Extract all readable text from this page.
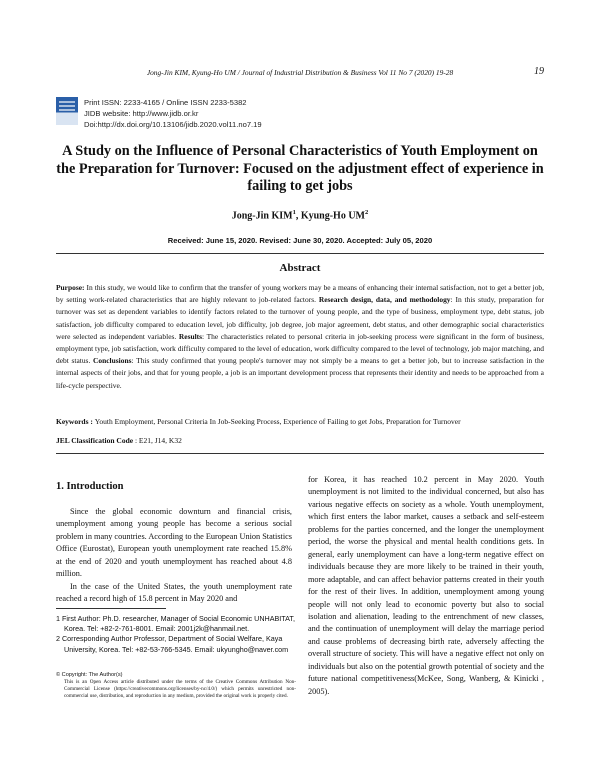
Jong-Jin KIM, Kyung-Ho UM / Journal of Industrial Distribution & Business Vol 11 No 7 (2020) 19-28	19
Print ISSN: 2233-4165 / Online ISSN 2233-5382
JIDB website: http://www.jidb.or.kr
Doi:http://dx.doi.org/10.13106/jidb.2020.vol11.no7.19
A Study on the Influence of Personal Characteristics of Youth Employment on the Preparation for Turnover: Focused on the adjustment effect of experience in failing to get jobs
Jong-Jin KIM$^1$, Kyung-Ho $UM^2$
Received: June 15, 2020. Revised: June 30, 2020. Accepted: July 05, 2020
Abstract
Purpose: In this study, we would like to confirm that the transfer of young workers may be a means of enhancing their internal satisfaction, not to get a better job, by setting work-related characteristics that are highly relevant to job-related factors. Research design, data, and methodology: In this study, preparation for turnover was set as dependent variables to identify factors related to the turnover of young people, and the type of business, employment type, debt status, job satisfaction, job difficulty compared to education level, job difficulty, job degree, job major agreement, debt status, and other demographic social characteristics were selected as independent variables. Results: The characteristics related to personal criteria in job-seeking process were significant in the form of business, employment type, job satisfaction, work difficulty compared to the level of education, work difficulty compared to the level of technology, job major matching, and debt status. Conclusions: This study confirmed that young people's turnover may not simply be a means to get a better job, but to increase satisfaction in the internal aspects of their jobs, and that for young people, a job is an important development process that represents their identity and needs to be approached from a life-cycle perspective.
Keywords : Youth Employment, Personal Criteria In Job-Seeking Process, Experience of Failing to get Jobs, Preparation for Turnover
JEL Classification Code : E21, J14, K32
1. Introduction

Since the global economic downturn and financial crisis, unemployment among young people has become a serious social problem in many countries. According to the European Union Statistics Office (Eurostat), European youth unemployment rate reached 15.8% at the end of 2020 and youth unemployment has reached about 4.8 million.

In the case of the United States, the youth unemployment rate reached a record high of 15.8 percent in May 2020 and

for Korea, it has reached 10.2 percent in May 2020. Youth unemployment is not limited to the individual concerned, but also has various negative effects on society as a whole. Youth unemployment, which first enters the labor market, causes a setback and self-esteem problems for the parties concerned, and the longer the unemployment period, the worse the physical and mental health conditions gets. In general, early unemployment can have a long-term negative effect on individuals because they are more likely to be trained in their youth, more adaptable, and can affect behavior patterns created in their youth for the rest of their lives. In addition, unemployment among young people will not only lead to economic poverty but also to social isolation and alienation, leading to the entrenchment of new classes, and the continuation of unemployment will delay the marriage period and cause problems of decreasing birth rate, adversely affecting the overall structure of society. This will have a negative effect not only on individuals but also on the potential growth potential of society and the future national competitiveness(McKee, Song, Wanberg, & Kinicki , 2005).

1 First Author: Ph.D. researcher, Manager of Social Economic UNHABITAT, Korea. Tel: +82-2-761-8001. Email: 2001j2k@hanmail.net.
2 Corresponding Author Professor, Department of Social Welfare, Kaya University, Korea. Tel: +82-53-766-5345. Email: ukyungho@naver.com
© Copyright: The Author(s)
This is an Open Access article distributed under the terms of the Creative Commons Attribution Non-Commercial License (https://creativecommons.org/licenses/by-nc/4.0/) which permits unrestricted non-commercial use, distribution, and reproduction in any medium, provided the original work is properly cited.
